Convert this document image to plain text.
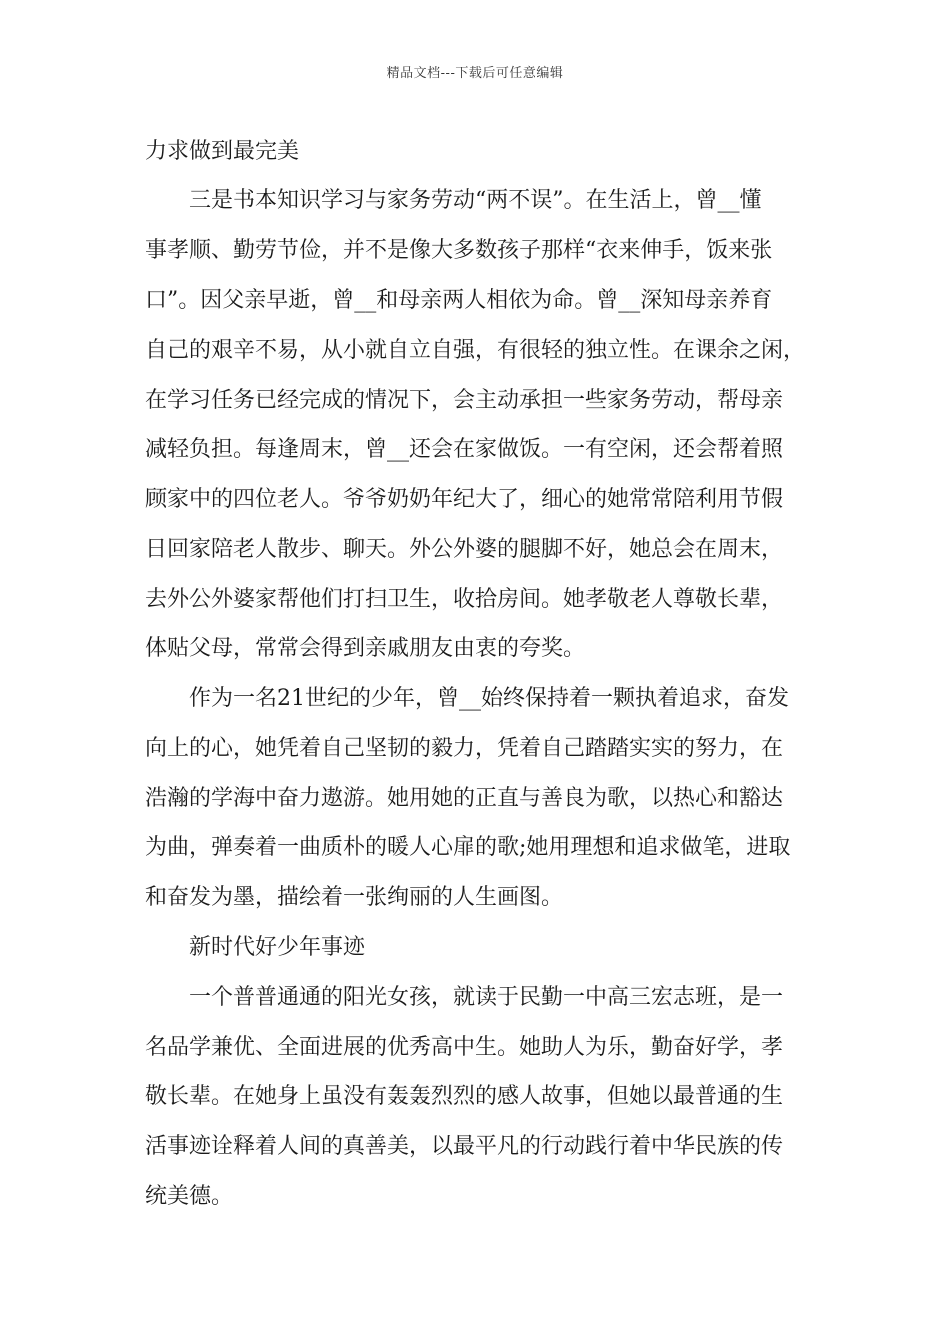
精品文档---下载后可任意编辑
力求做到最完美
三是书本知识学习与家务劳动“两不误”。在生活上，曾__懂
事孝顺、勤劳节俭，并不是像大多数孩子那样“衣来伸手，饭来张
口”。因父亲早逝，曾__和母亲两人相依为命。曾__深知母亲养育
自己的艰辛不易，从小就自立自强，有很轻的独立性。在课余之闲，
在学习任务已经完成的情况下，会主动承担一些家务劳动，帮母亲
减轻负担。每逢周末，曾__还会在家做饭。一有空闲，还会帮着照
顾家中的四位老人。爷爷奶奶年纪大了，细心的她常常陪利用节假
日回家陪老人散步、聊天。外公外婆的腿脚不好，她总会在周末，
去外公外婆家帮他们打扫卫生，收拾房间。她孝敬老人尊敬长辈，
体贴父母，常常会得到亲戚朋友由衷的夸奖。
作为一名21世纪的少年，曾__始终保持着一颗执着追求，奋发
向上的心，她凭着自己坚韧的毅力，凭着自己踏踏实实的努力，在
浩瀚的学海中奋力遨游。她用她的正直与善良为歌，以热心和豁达
为曲，弹奏着一曲质朴的暖人心扉的歌;她用理想和追求做笔，进取
和奋发为墨，描绘着一张绚丽的人生画图。
新时代好少年事迹
一个普普通通的阳光女孩，就读于民勤一中高三宏志班，是一
名品学兼优、全面进展的优秀高中生。她助人为乐，勤奋好学，孝
敬长辈。在她身上虽没有轰轰烈烈的感人故事，但她以最普通的生
活事迹诠释着人间的真善美，以最平凡的行动践行着中华民族的传
统美德。
